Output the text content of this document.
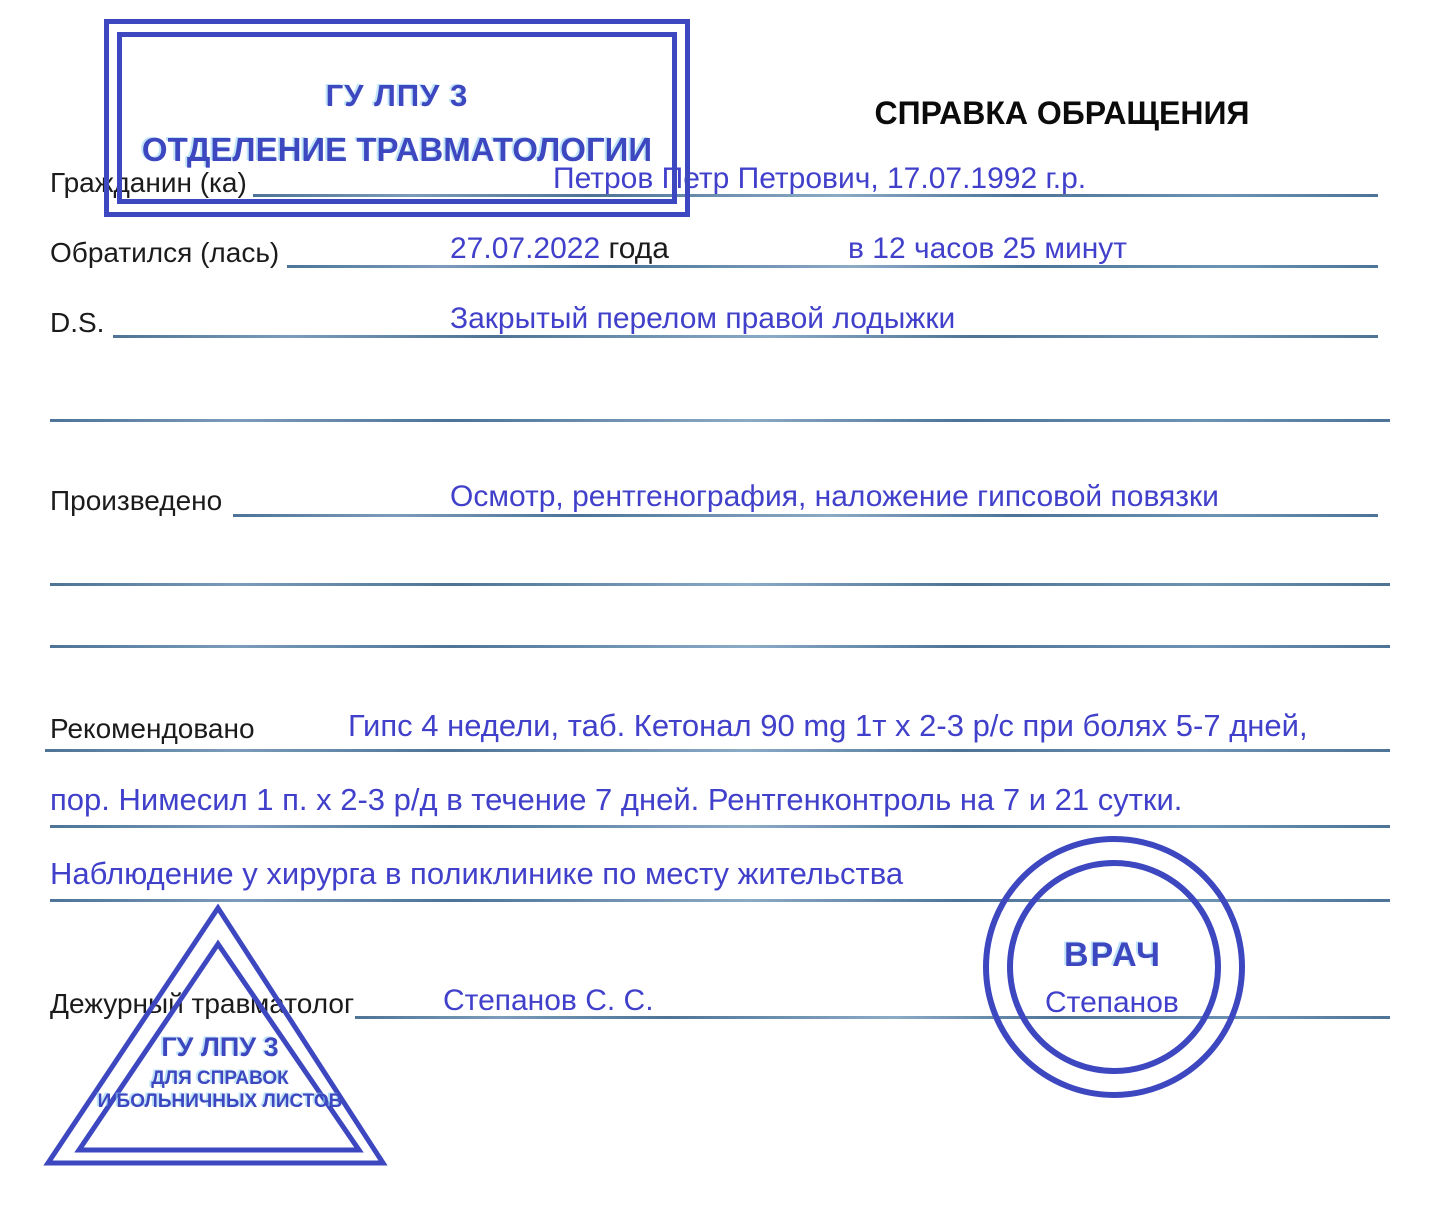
СПРАВКА ОБРАЩЕНИЯ
Гражданин (ка)
Обратился (лась)
D.S.
Произведено
Рекомендовано
Дежурный травматолог
Петров Петр Петрович, 17.07.1992 г.р.
27.07.2022 года	в 12 часов 25 минут
Закрытый перелом правой лодыжки
Осмотр, рентгенография, наложение гипсовой повязки
Гипс 4 недели, таб. Кетонал 90 mg 1т х 2-3 р/с при болях 5-7 дней,
пор. Нимесил 1 п. х 2-3 р/д в течение 7 дней. Рентгенконтроль на 7 и 21 сутки.
Наблюдение у хирурга в поликлинике по месту жительства
Степанов С. С.	Степанов
ГУ ЛПУ 3
ОТДЕЛЕНИЕ ТРАВМАТОЛОГИИ
ВРАЧ
ГУ ЛПУ 3
ДЛЯ СПРАВОК
И БОЛЬНИЧНЫХ ЛИСТОВ
